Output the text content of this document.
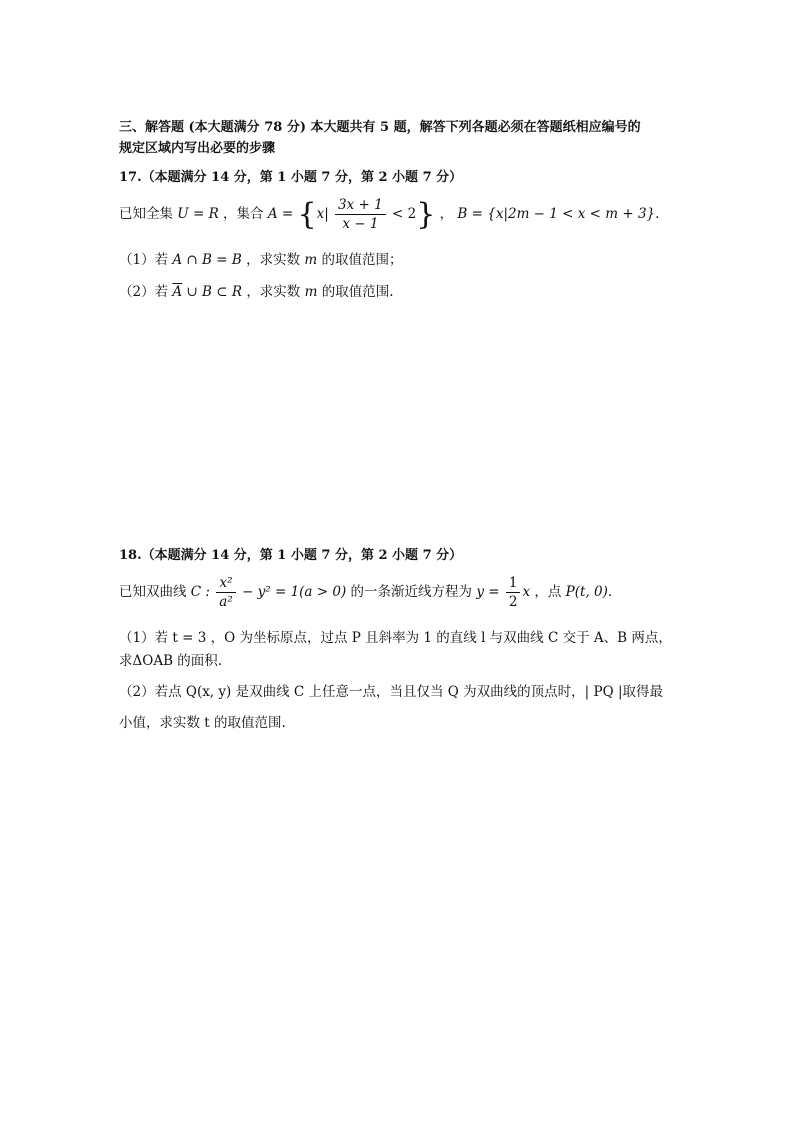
三、解答题 (本大题满分 78 分) 本大题共有 5 题，解答下列各题必须在答题纸相应编号的
规定区域内写出必要的步骤
17.（本题满分 14 分，第 1 小题 7 分，第 2 小题 7 分）
已知全集 U = R ，集合 $A = \{x| \frac{3x + 1}{x - 1} < 2\}$ ， B = {x|2m − 1 < x < m + 3}.
（1）若 A ∩ B = B ，求实数 m 的取值范围；
（2）若 $\overline{A}$ ∪ B ⊂ R ，求实数 m 的取值范围.
18.（本题满分 14 分，第 1 小题 7 分，第 2 小题 7 分）
已知双曲线 C : $\frac{\text{x²}}{\text{a²}} - y^2 = 1(a > 0)$ 的一条渐近线方程为 $y = \frac{1}{2}$ x ，点 P(t, 0).
（1）若 t = 3 ，O 为坐标原点，过点 P 且斜率为 1 的直线 l 与双曲线 C 交于 A、B 两点，
求ΔOAB 的面积.
（2）若点 Q(x, y) 是双曲线 C 上任意一点，当且仅当 Q 为双曲线的顶点时，| PQ |取得最
小值，求实数 t 的取值范围.
